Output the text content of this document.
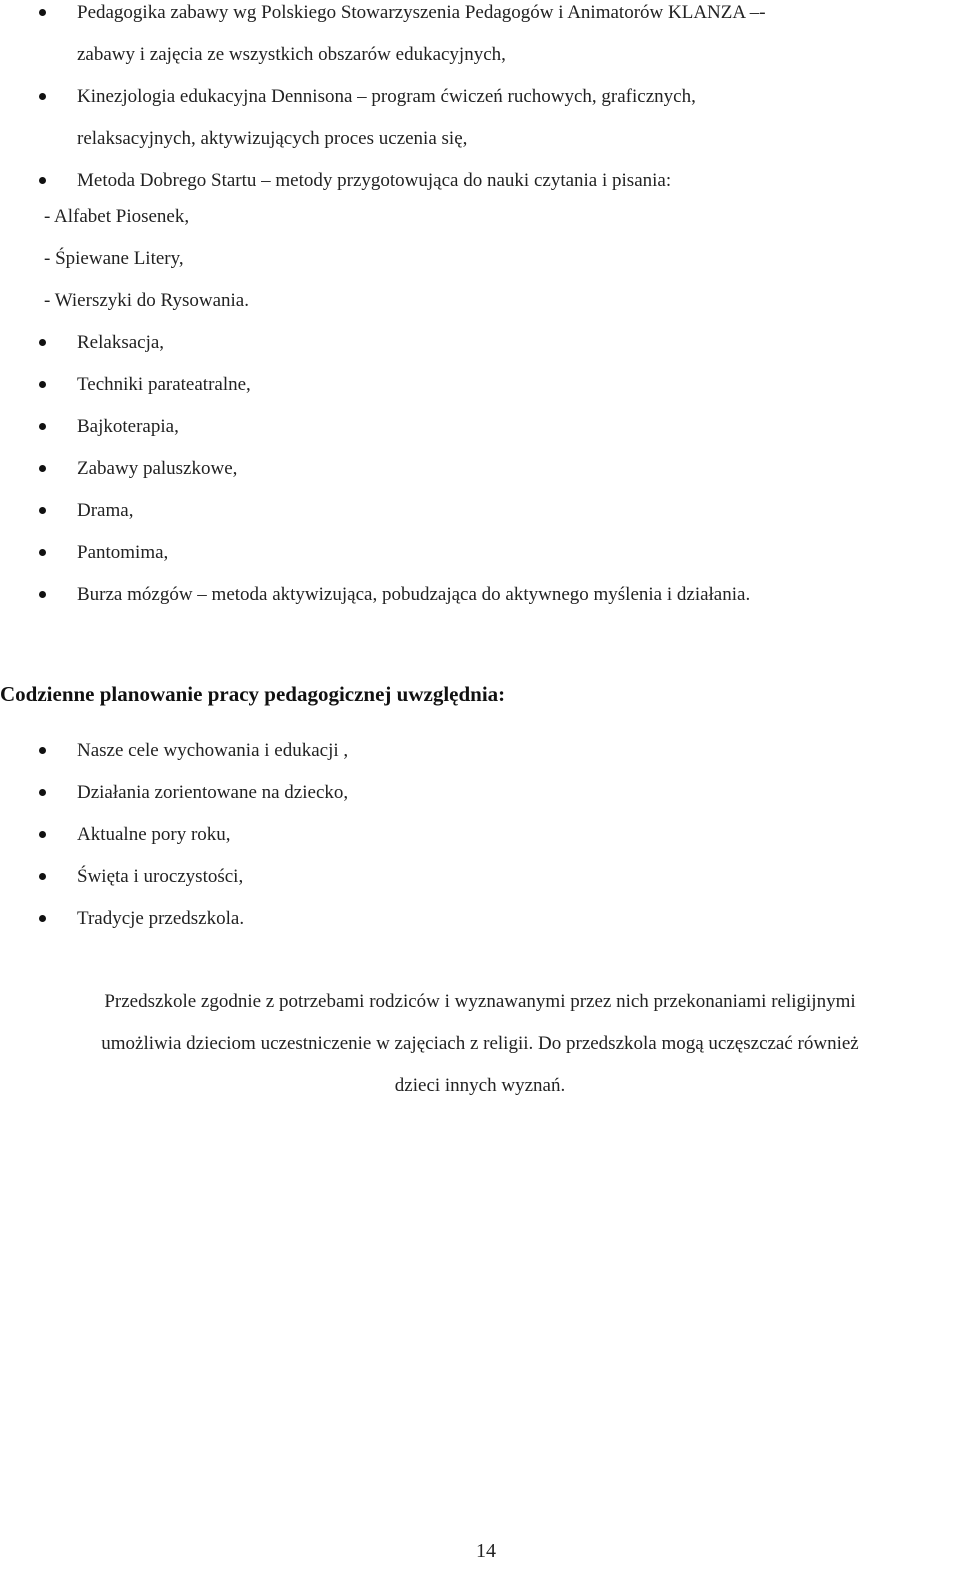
Pedagogika zabawy wg Polskiego Stowarzyszenia Pedagogów i Animatorów KLANZA –-
zabawy i zajęcia ze wszystkich obszarów edukacyjnych,
Kinezjologia edukacyjna Dennisona – program ćwiczeń ruchowych, graficznych,
relaksacyjnych, aktywizujących proces uczenia się,
Metoda Dobrego Startu – metody przygotowująca do nauki czytania i pisania:
- Alfabet Piosenek,
- Śpiewane Litery,
- Wierszyki do Rysowania.
Relaksacja,
Techniki parateatralne,
Bajkoterapia,
Zabawy paluszkowe,
Drama,
Pantomima,
Burza mózgów – metoda aktywizująca, pobudzająca do aktywnego myślenia i działania.
Codzienne planowanie pracy pedagogicznej uwzględnia:
Nasze cele wychowania i edukacji ,
Działania zorientowane na dziecko,
Aktualne pory roku,
Święta i uroczystości,
Tradycje przedszkola.
Przedszkole zgodnie z potrzebami rodziców i wyznawanymi przez nich przekonaniami religijnymi
umożliwia dzieciom uczestniczenie w zajęciach z religii. Do przedszkola mogą uczęszczać również
dzieci innych wyznań.
14
